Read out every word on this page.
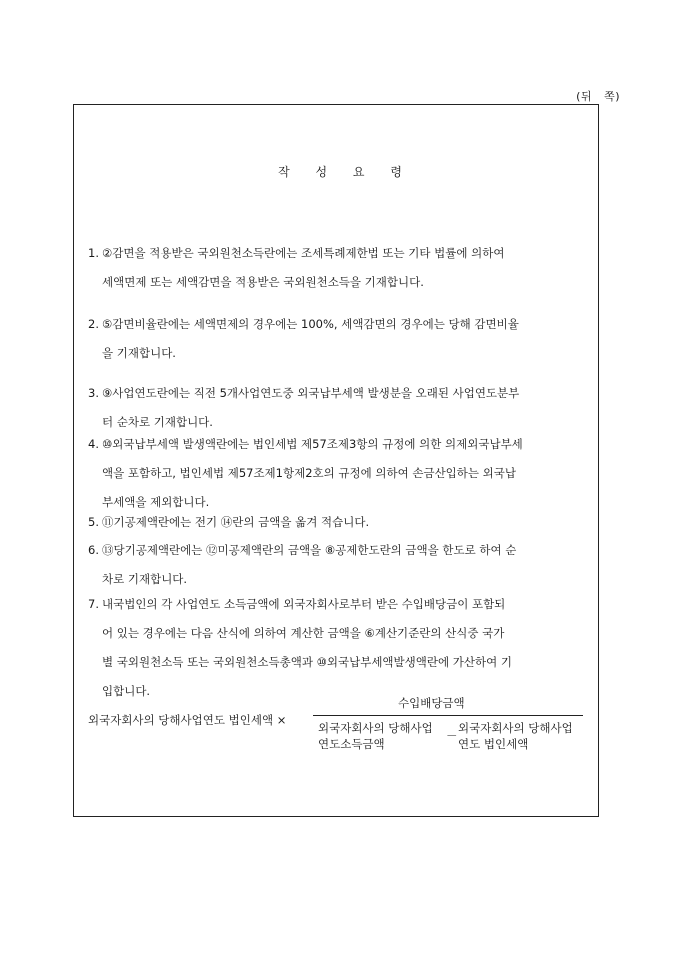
(뒤   쪽)
작 성 요 령
1. ②감면을 적용받은 국외원천소득란에는 조세특례제한법 또는 기타 법률에 의하여
세액면제 또는 세액감면을 적용받은 국외원천소득을 기재합니다.
2. ⑤감면비율란에는 세액면제의 경우에는 100%, 세액감면의 경우에는 당해 감면비율
을 기재합니다.
3. ⑨사업연도란에는 직전 5개사업연도중 외국납부세액 발생분을 오래된 사업연도분부
터 순차로 기재합니다.
4. ⑩외국납부세액 발생액란에는 법인세법 제57조제3항의 규정에 의한 의제외국납부세
액을 포함하고, 법인세법 제57조제1항제2호의 규정에 의하여 손금산입하는 외국납
부세액을 제외합니다.
5. ⑪기공제액란에는 전기 ⑭란의 금액을 옮겨 적습니다.
6. ⑬당기공제액란에는 ⑫미공제액란의 금액을 ⑧공제한도란의 금액을 한도로 하여 순
차로 기재합니다.
7. 내국법인의 각 사업연도 소득금액에 외국자회사로부터 받은 수입배당금이 포함되
어 있는 경우에는 다음 산식에 의하여 계산한 금액을 ⑥계산기준란의 산식중 국가
별 국외원천소득 또는 국외원천소득총액과 ⑩외국납부세액발생액란에 가산하여 기
입합니다.
외국자회사의 당해사업연도 법인세액 ×
수입배당금액
외국자회사의 당해사업
연도소득금액
－
외국자회사의 당해사업
연도 법인세액
